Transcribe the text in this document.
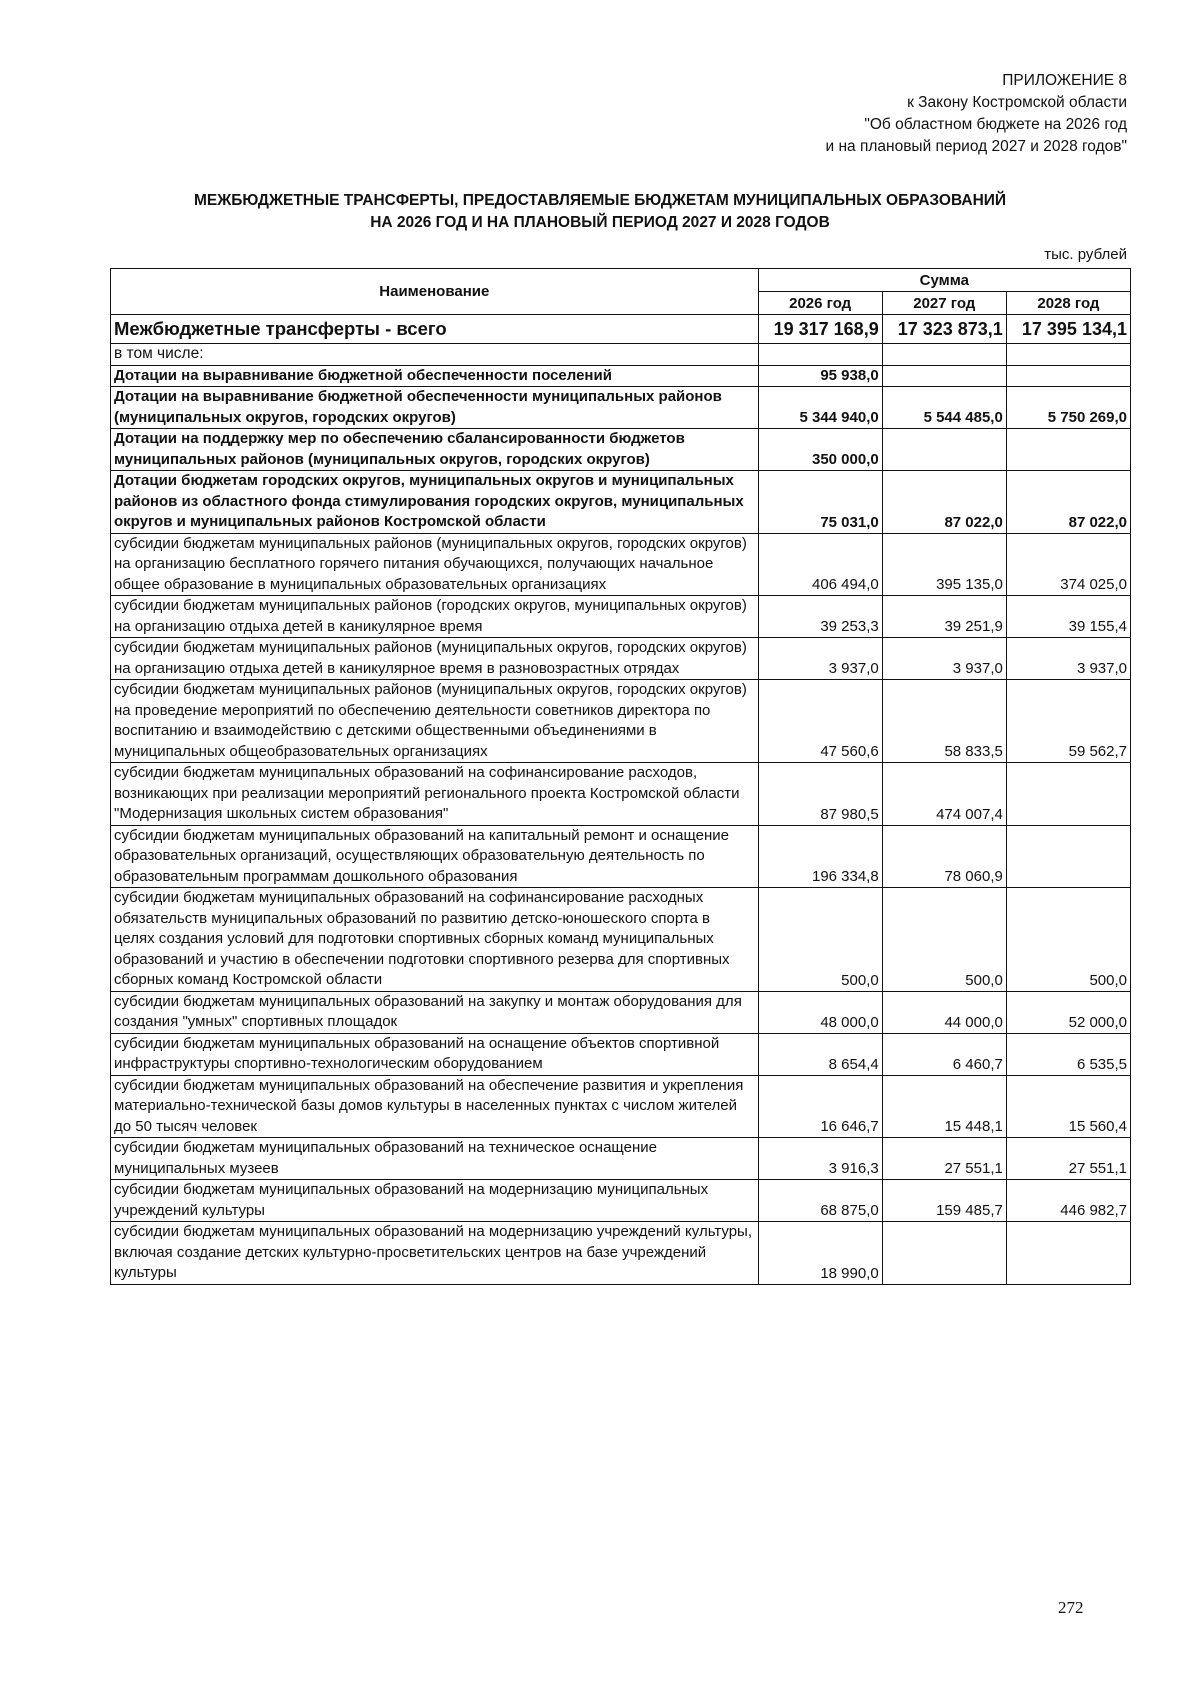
ПРИЛОЖЕНИЕ 8
к Закону Костромской области
"Об областном бюджете на 2026 год
и на плановый период 2027 и 2028 годов"
МЕЖБЮДЖЕТНЫЕ ТРАНСФЕРТЫ, ПРЕДОСТАВЛЯЕМЫЕ БЮДЖЕТАМ МУНИЦИПАЛЬНЫХ ОБРАЗОВАНИЙ
НА 2026 ГОД И НА ПЛАНОВЫЙ ПЕРИОД 2027 И 2028 ГОДОВ
тыс. рублей
Наименование	Сумма		
	2026 год	2027 год	2028 год
Межбюджетные трансферты - всего	19 317 168,9	17 323 873,1	17 395 134,1
в том числе:			
Дотации на выравнивание бюджетной обеспеченности поселений	95 938,0		
Дотации на выравнивание бюджетной обеспеченности муниципальных районов (муниципальных округов, городских округов)	5 344 940,0	5 544 485,0	5 750 269,0
Дотации на поддержку мер по обеспечению сбалансированности бюджетов муниципальных районов (муниципальных округов, городских округов)	350 000,0		
Дотации бюджетам городских округов, муниципальных округов и муниципальных районов из областного фонда стимулирования городских округов, муниципальных округов и муниципальных районов Костромской области	75 031,0	87 022,0	87 022,0
субсидии бюджетам муниципальных районов (муниципальных округов, городских округов) на организацию бесплатного горячего питания обучающихся, получающих начальное общее образование в муниципальных образовательных организациях	406 494,0	395 135,0	374 025,0
субсидии бюджетам муниципальных районов (городских округов, муниципальных округов) на организацию отдыха детей в каникулярное время	39 253,3	39 251,9	39 155,4
субсидии бюджетам муниципальных районов (муниципальных округов, городских округов) на организацию отдыха детей в каникулярное время в разновозрастных отрядах	3 937,0	3 937,0	3 937,0
субсидии бюджетам муниципальных районов (муниципальных округов, городских округов) на проведение мероприятий по обеспечению деятельности советников директора по воспитанию и взаимодействию с детскими общественными объединениями в муниципальных общеобразовательных организациях	47 560,6	58 833,5	59 562,7
субсидии бюджетам муниципальных образований на софинансирование расходов, возникающих при реализации мероприятий регионального проекта Костромской области "Модернизация школьных систем образования"	87 980,5	474 007,4	
субсидии бюджетам муниципальных образований на капитальный ремонт и оснащение образовательных организаций, осуществляющих образовательную деятельность по образовательным программам дошкольного образования	196 334,8	78 060,9	
субсидии бюджетам муниципальных образований на софинансирование расходных обязательств муниципальных образований по развитию детско-юношеского спорта в целях создания условий для подготовки спортивных сборных команд муниципальных образований и участию в обеспечении подготовки спортивного резерва для спортивных сборных команд Костромской области	500,0	500,0	500,0
субсидии бюджетам муниципальных образований на закупку и монтаж оборудования для создания "умных" спортивных площадок	48 000,0	44 000,0	52 000,0
субсидии бюджетам муниципальных образований на оснащение объектов спортивной инфраструктуры спортивно-технологическим оборудованием	8 654,4	6 460,7	6 535,5
субсидии бюджетам муниципальных образований на обеспечение развития и укрепления материально-технической базы домов культуры в населенных пунктах с числом жителей до 50 тысяч человек	16 646,7	15 448,1	15 560,4
субсидии бюджетам муниципальных образований на техническое оснащение муниципальных музеев	3 916,3	27 551,1	27 551,1
субсидии бюджетам муниципальных образований на модернизацию муниципальных учреждений культуры	68 875,0	159 485,7	446 982,7
субсидии бюджетам муниципальных образований на модернизацию учреждений культуры, включая создание детских культурно-просветительских центров на базе учреждений культуры	18 990,0		
272
